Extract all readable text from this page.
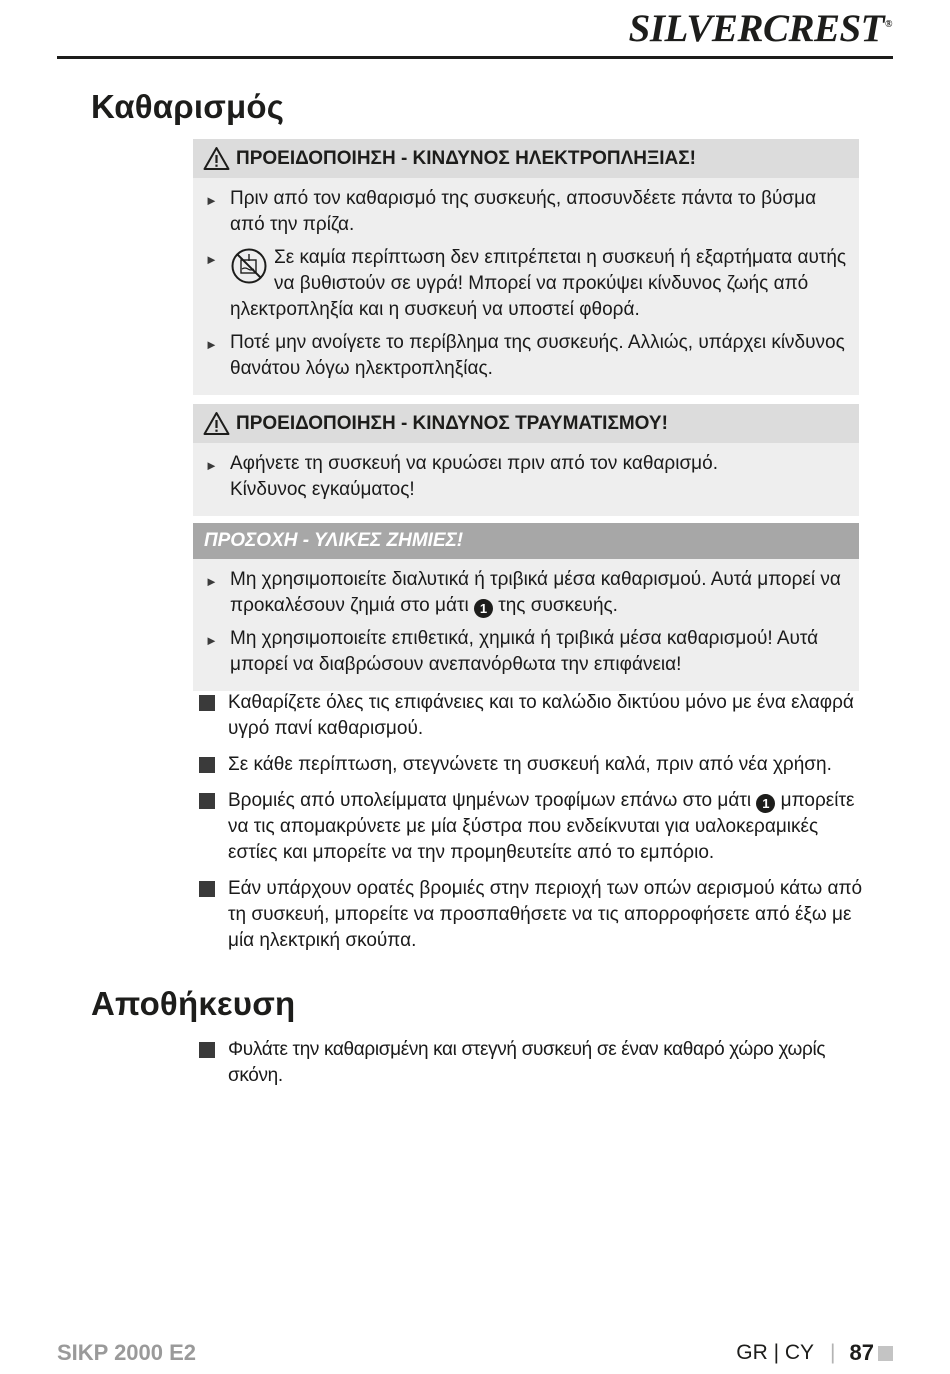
SILVERCREST®
Καθαρισμός
ΠΡΟΕΙΔΟΠΟΙΗΣΗ - ΚΙΝΔΥΝΟΣ ΗΛΕΚΤΡΟΠΛΗΞΙΑΣ!
► Πριν από τον καθαρισμό της συσκευής, αποσυνδέετε πάντα το βύσμα από την πρίζα.
►	Σε καμία περίπτωση δεν επιτρέπεται η συσκευή ή εξαρτήματα αυτής να βυθιστούν σε υγρά! Μπορεί να προκύψει κίνδυνος ζωής από ηλεκτροπληξία και η συσκευή να υποστεί φθορά.
► Ποτέ μην ανοίγετε το περίβλημα της συσκευής. Αλλιώς, υπάρχει κίνδυνος θανάτου λόγω ηλεκτροπληξίας.
ΠΡΟΕΙΔΟΠΟΙΗΣΗ - ΚΙΝΔΥΝΟΣ ΤΡΑΥΜΑΤΙΣΜΟΥ!
► Αφήνετε τη συσκευή να κρυώσει πριν από τον καθαρισμό.
Κίνδυνος εγκαύματος!
ΠΡΟΣΟΧΗ - ΥΛΙΚΕΣ ΖΗΜΙΕΣ!
► Μη χρησιμοποιείτε διαλυτικά ή τριβικά μέσα καθαρισμού. Αυτά μπορεί να προκαλέσουν ζημιά στο μάτι 1 της συσκευής.
► Μη χρησιμοποιείτε επιθετικά, χημικά ή τριβικά μέσα καθαρισμού! Αυτά μπορεί να διαβρώσουν ανεπανόρθωτα την επιφάνεια!
Καθαρίζετε όλες τις επιφάνειες και το καλώδιο δικτύου μόνο με ένα ελαφρά υγρό πανί καθαρισμού.
Σε κάθε περίπτωση, στεγνώνετε τη συσκευή καλά, πριν από νέα χρήση.
Βρομιές από υπολείμματα ψημένων τροφίμων επάνω στο μάτι 1 μπορείτε να τις απομακρύνετε με μία ξύστρα που ενδείκνυται για υαλοκεραμικές εστίες και μπορείτε να την προμηθευτείτε από το εμπόριο.
Εάν υπάρχουν ορατές βρομιές στην περιοχή των οπών αερισμού κάτω από τη συσκευή, μπορείτε να προσπαθήσετε να τις απορροφήσετε από έξω με μία ηλεκτρική σκούπα.
Αποθήκευση
Φυλάτε την καθαρισμένη και στεγνή συσκευή σε έναν καθαρό χώρο χωρίς σκόνη.
SIKP 2000 E2	GR | CY | 87
